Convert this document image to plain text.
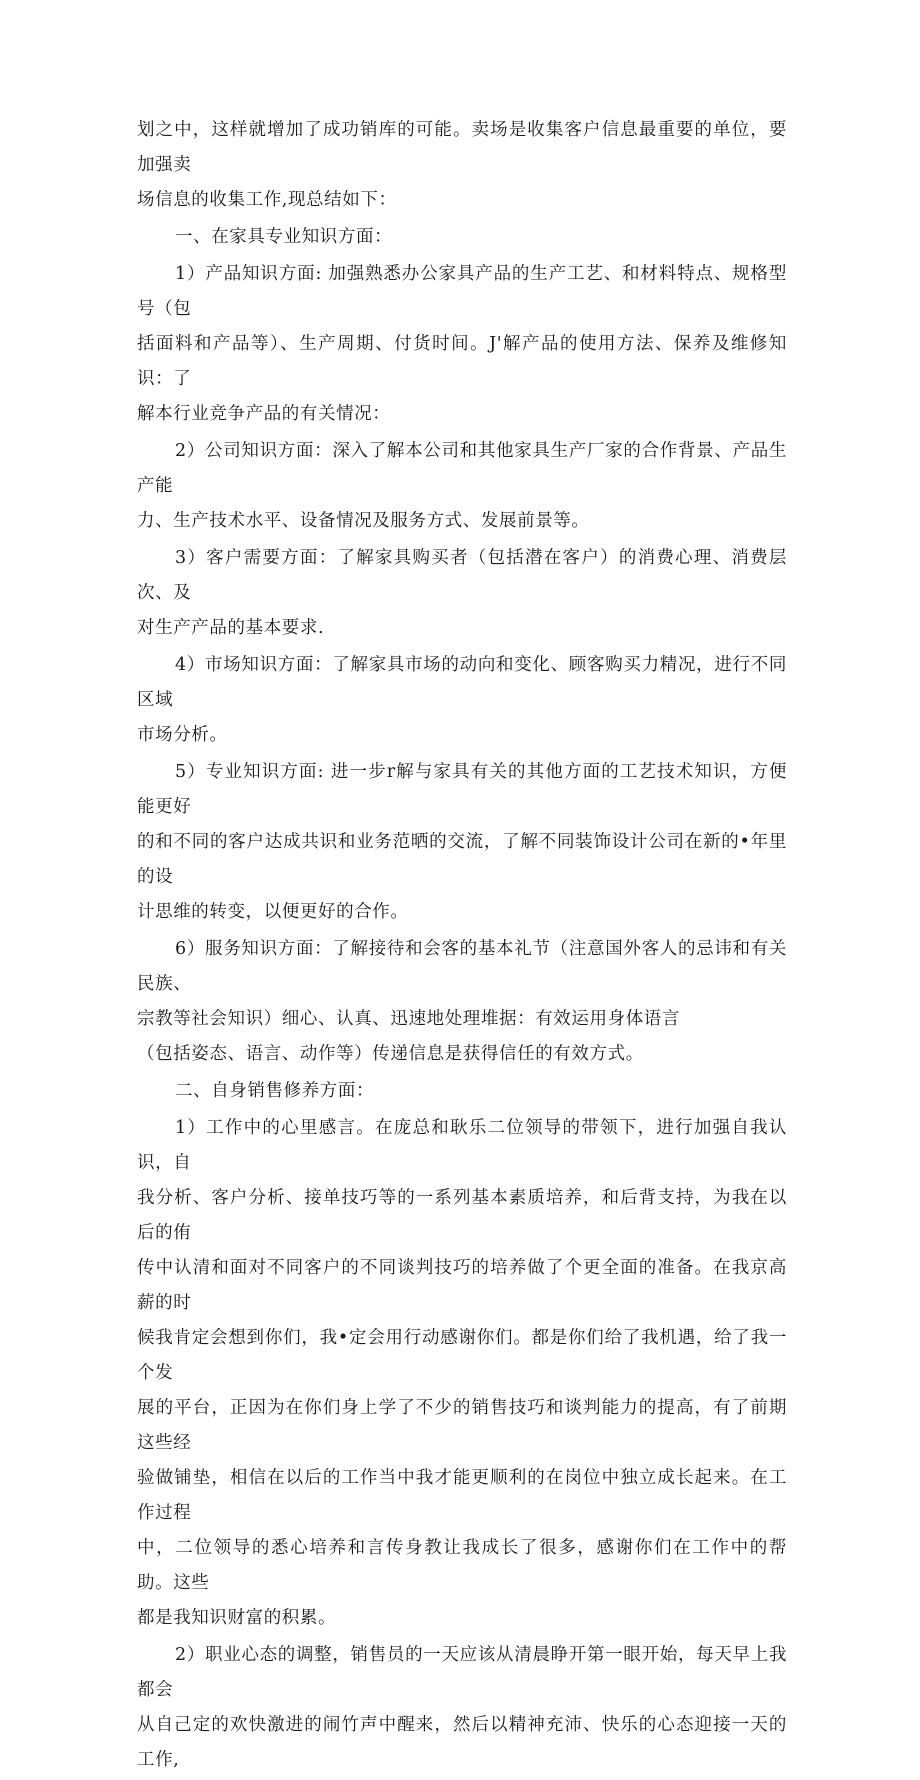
划之中，这样就增加了成功销库的可能。卖场是收集客户信息最重要的单位，要加强卖
场信息的收集工作,现总结如下：
一、在家具专业知识方面：
1）产品知识方面: 加强熟悉办公家具产品的生产工艺、和材料特点、规格型号（包
括面料和产品等）、生产周期、付货时间。J'解产品的使用方法、保养及维修知识：了
解本行业竞争产品的有关情况：
2）公司知识方面：深入了解本公司和其他家具生产厂家的合作背景、产品生产能
力、生产技术水平、设备情况及服务方式、发展前景等。
3）客户需要方面：了解家具购买者（包括潜在客户）的消费心理、消费层次、及
对生产产品的基本要求.
4）市场知识方面：了解家具市场的动向和变化、顾客购买力精况，进行不同区域
市场分析。
5）专业知识方面: 进一步r解与家具有关的其他方面的工艺技术知识，方便能更好
的和不同的客户达成共识和业务范晒的交流，了解不同装饰设计公司在新的•年里的设
计思维的转变，以便更好的合作。
6）服务知识方面：了解接待和会客的基本礼节（注意国外客人的忌讳和有关民族、
宗教等社会知识）细心、认真、迅速地处理堆据：有效运用身体语言
（包括姿态、语言、动作等）传递信息是获得信任的有效方式。
二、自身销售修养方面：
1）工作中的心里感言。在庞总和耿乐二位领导的带领下，进行加强自我认识，自
我分析、客户分析、接单技巧等的一系列基本素质培养，和后背支持，为我在以后的侑
传中认清和面对不同客户的不同谈判技巧的培养做了个更全面的准备。在我京高薪的时
候我肯定会想到你们，我•定会用行动感谢你们。都是你们给了我机遇，给了我一个发
展的平台，正因为在你们身上学了不少的销售技巧和谈判能力的提高，有了前期这些经
验做铺垫，相信在以后的工作当中我才能更顺利的在岗位中独立成长起来。在工作过程
中，二位领导的悉心培养和言传身教让我成长了很多，感谢你们在工作中的帮助。这些
都是我知识财富的积累。
2）职业心态的调整，销售员的一天应该从清晨睁开第一眼开始，每天早上我都会
从自己定的欢快激进的闹竹声中醒来，然后以精神充沛、快乐的心态迎接一天的工作,
